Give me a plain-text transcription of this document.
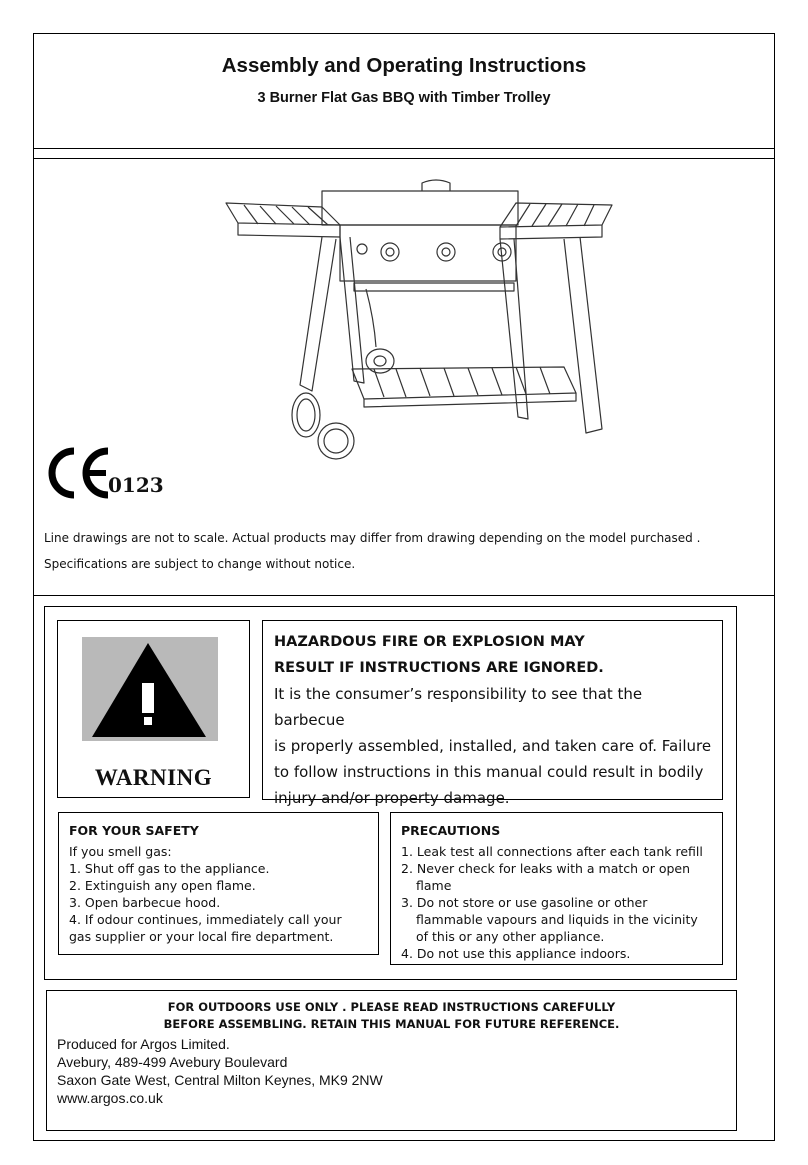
Assembly and Operating Instructions
3 Burner Flat Gas BBQ with Timber Trolley
0123
Line drawings are not to scale. Actual products may differ from drawing depending on the model purchased .
Specifications are subject to change without notice.
WARNING
HAZARDOUS FIRE OR EXPLOSION MAY
RESULT IF INSTRUCTIONS ARE IGNORED.

It is the consumer’s responsibility to see that the barbecue

is properly assembled, installed, and taken care of. Failure

to follow instructions in this manual could result in bodily

injury and/or property damage.

FOR YOUR SAFETY
If you smell gas:
1. Shut off gas to the appliance.
2. Extinguish any open flame.
3. Open barbecue hood.
4. If odour continues, immediately call your
gas supplier or your local fire department.
PRECAUTIONS
1. Leak test all connections after each tank refill
2. Never check for leaks with a match or open
flame
3. Do not store or use gasoline or other
flammable vapours and liquids in the vicinity
of this or any other appliance.
4. Do not use this appliance indoors.
FOR OUTDOORS USE ONLY . PLEASE READ INSTRUCTIONS CAREFULLY
BEFORE ASSEMBLING. RETAIN THIS MANUAL FOR FUTURE REFERENCE.
Produced for Argos Limited.
Avebury, 489-499 Avebury Boulevard
Saxon Gate West, Central Milton Keynes, MK9 2NW
www.argos.co.uk
